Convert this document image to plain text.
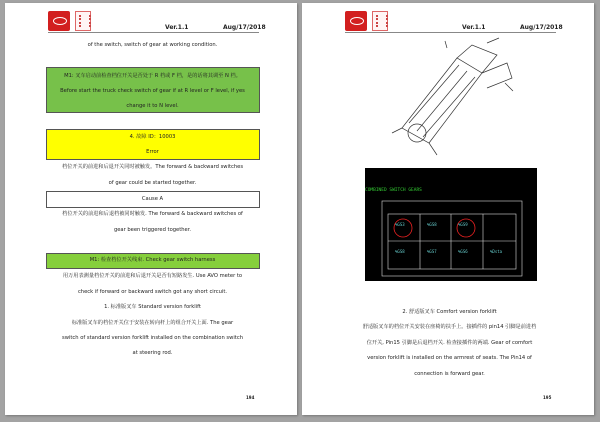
Ver.1.1	Aug/17/2018
of the switch, switch of gear at working condition.
M1: 叉车启动前检查档位开关是否处于 R 档或 F 档，是的话将其调至 N 档。
Before start the truck check switch of gear if at R level or F level, if yes
change it to N level.
4. 故障 ID：10003
Error
档位开关的前进和后退开关同时被触发。The forward & backward switches
of gear could be started together.
Cause A
档位开关的前进和后退档被同时触发. The forward & backward switches of
gear been triggered together.
M1: 检查档位开关线束. Check gear switch harness
用万用表测量档位开关的前进和后退开关是否有短路发生. Use AVO meter to
check if forward or backward switch got any short circuit.
1. 标准版叉车 Standard version forklift
标准版叉车的档位开关位于安装在转向杆上的组合开关上面. The gear
switch of standard version forklift installed on the combination switch
at steering rod.
194
Ver.1.1	Aug/17/2018
COMBINED SWITCH GEARS
%GS3	%GS8	%GS9
%GS8	%GS7	%GS6	%Dsta
2. 舒适版叉车 Comfort version forklift
舒适版叉车的档位开关安装在座椅的扶手上。接插件的 pin14 引脚是前进档
位开关, Pin15 引脚是后退档开关. 检查接插件的两端. Gear of comfort
version forklift is installed on the armrest of seats. The Pin14 of
connection is forward gear.
195
